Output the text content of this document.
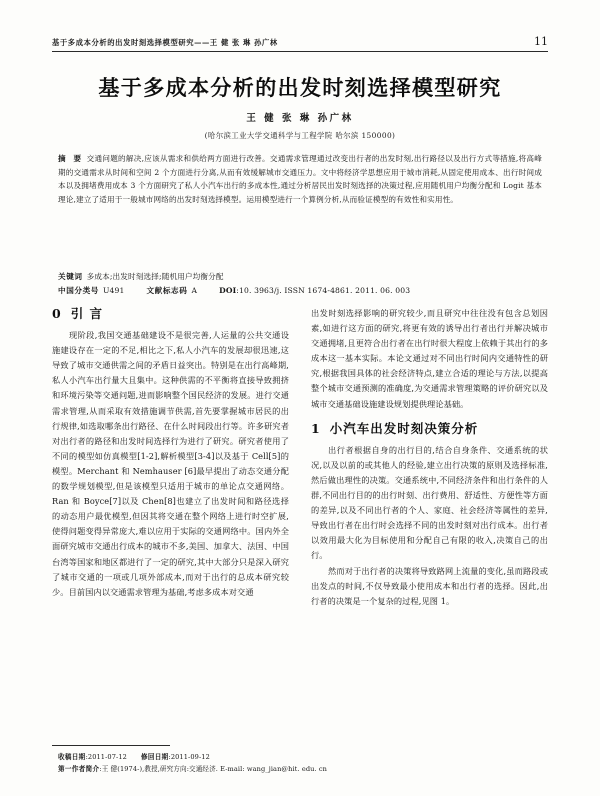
基于多成本分析的出发时刻选择模型研究——王 健 张 琳 孙广林	11
基于多成本分析的出发时刻选择模型研究
王 健 张 琳 孙广林
(哈尔滨工业大学交通科学与工程学院 哈尔滨 150000)
摘 要 交通问题的解决,应该从需求和供给两方面进行改善。交通需求管理通过改变出行者的出发时刻,出行路径以及出行方式等措施,将高峰期的交通需求从时间和空间 2 个方面进行分离,从而有效缓解城市交通压力。文中将经济学思想应用于城市消耗,从固定使用成本、出行时间成本以及拥堵费用成本 3 个方面研究了私人小汽车出行的多成本性,通过分析居民出发时刻选择的决策过程,应用随机用户均衡分配和 Logit 基本理论,建立了适用于一般城市网络的出发时刻选择模型。运用模型进行一个算例分析,从而验证模型的有效性和实用性。
关键词 多成本;出发时刻选择;随机用户均衡分配
中国分类号 U491	文献标志码 A	DOI:10. 3963/j. ISSN 1674-4861. 2011. 06. 003
0 引 言

现阶段,我国交通基础建设不是很完善,人运量的公共交通设施建设存在一定的不足,相比之下,私人小汽车的发展却很迅速,这导致了城市交通供需之间的矛盾日益突出。特别是在出行高峰期,私人小汽车出行量大且集中。这种供需的不平衡将直接导致拥挤和环境污染等交通问题,进而影响整个国民经济的发展。进行交通需求管理,从而采取有效措施调节供需,首先要掌握城市居民的出行规律,如选取哪条出行路径、在什么时间段出行等。许多研究者对出行者的路径和出发时间选择行为进行了研究。研究者使用了不同的模型如仿真模型[1-2],解析模型[3-4]以及基于 Cell[5]的模型。Merchant 和 Nemhauser [6]最早提出了动态交通分配的数学规划模型,但是该模型只适用于城市的单论点交通网络。Ran 和 Boyce[7]以及 Chen[8]也建立了出发时间和路径选择的动态用户最优模型,但因其将交通在整个网络上进行时空扩展,使得问题变得异常庞大,难以应用于实际的交通网络中。国内外全面研究城市交通出行成本的城市不多,美国、加拿大、法国、中国台湾等国家和地区都进行了一定的研究,其中大部分只是深入研究了城市交通的一项或几项外部成本,而对于出行的总成本研究较少。目前国内以交通需求管理为基础,考虑多成本对交通

出发时刻选择影响的研究较少,而且研究中往往没有包含总划因素,如进行这方面的研究,将更有效的诱导出行者出行并解决城市交通拥堵,且更符合出行者在出行时很大程度上依赖于其出行的多成本这一基本实际。本论文通过对不同出行时间内交通特性的研究,根据我国具体的社会经济特点,建立合适的理论与方法,以提高整个城市交通预测的准确度,为交通需求管理策略的评价研究以及城市交通基础设施建设规划提供理论基础。

1 小汽车出发时刻决策分析

出行者根据自身的出行目的,结合自身条件、交通系统的状况,以及以前的或其他人的经验,建立出行决策的原则及选择标准,然后做出理性的决策。交通系统中,不同经济条件和出行条件的人群,不同出行目的的出行时刻、出行费用、舒适性、方便性等方面的差异,以及不同出行者的个人、家庭、社会经济等属性的差异,导致出行者在出行时会选择不同的出发时刻对出行成本。出行者以效用最大化为目标使用和分配自己有限的收入,决策自己的出行。

然而对于出行者的决策将导致路网上流量的变化,虽而路段或出发点的时间,不仅导致最小使用成本和出行者的选择。因此,出行者的决策是一个复杂的过程,见图 1。

收稿日期:2011-07-12 修回日期:2011-09-12
第一作者简介:王 健(1974-),教授,研究方向:交通经济. E-mail: wang_jian@hit. edu. cn
